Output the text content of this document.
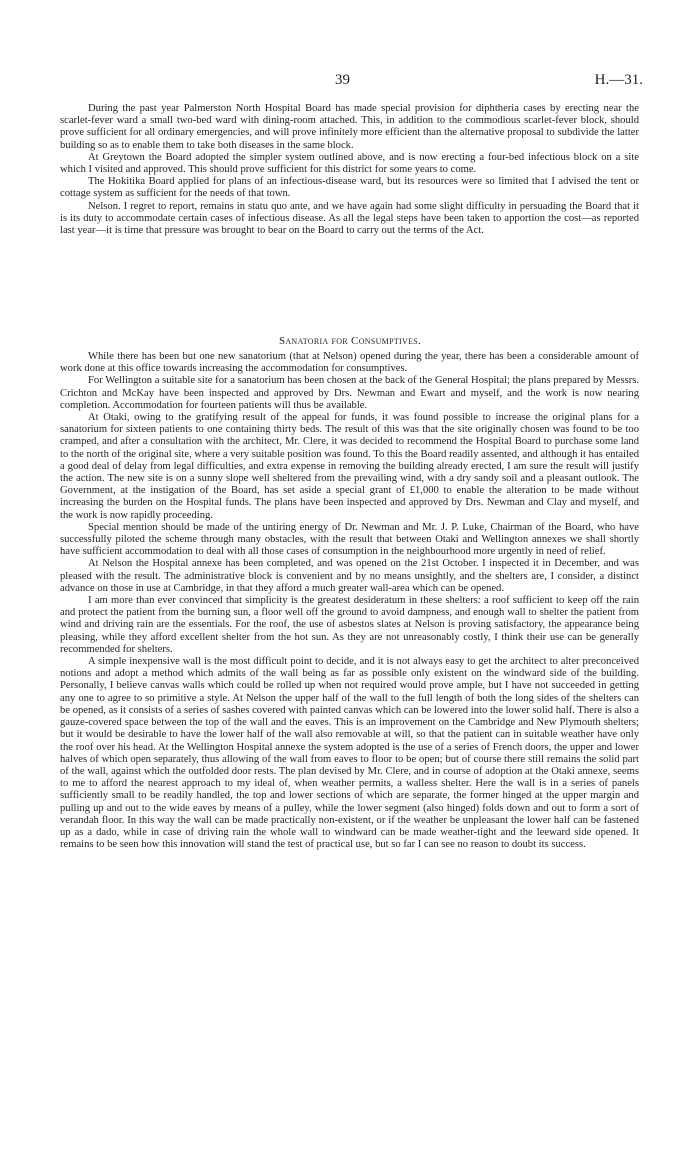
39	H.—31.

During the past year Palmerston North Hospital Board has made special provision for diphtheria cases by erecting near the scarlet-fever ward a small two-bed ward with dining-room attached. This, in addition to the commodious scarlet-fever block, should prove sufficient for all ordinary emergencies, and will prove infinitely more efficient than the alternative proposal to subdivide the latter building so as to enable them to take both diseases in the same block.

At Greytown the Board adopted the simpler system outlined above, and is now erecting a four-bed infectious block on a site which I visited and approved. This should prove sufficient for this district for some years to come.

The Hokitika Board applied for plans of an infectious-disease ward, but its resources were so limited that I advised the tent or cottage system as sufficient for the needs of that town.

Nelson. I regret to report, remains in statu quo ante, and we have again had some slight difficulty in persuading the Board that it is its duty to accommodate certain cases of infectious disease. As all the legal steps have been taken to apportion the cost—as reported last year—it is time that pressure was brought to bear on the Board to carry out the terms of the Act.

Sanatoria for Consumptives.

While there has been but one new sanatorium (that at Nelson) opened during the year, there has been a considerable amount of work done at this office towards increasing the accommodation for consumptives.

For Wellington a suitable site for a sanatorium has been chosen at the back of the General Hospital; the plans prepared by Messrs. Crichton and McKay have been inspected and approved by Drs. Newman and Ewart and myself, and the work is now nearing completion. Accommodation for fourteen patients will thus be available.

At Otaki, owing to the gratifying result of the appeal for funds, it was found possible to increase the original plans for a sanatorium for sixteen patients to one containing thirty beds. The result of this was that the site originally chosen was found to be too cramped, and after a consultation with the architect, Mr. Clere, it was decided to recommend the Hospital Board to purchase some land to the north of the original site, where a very suitable position was found. To this the Board readily assented, and although it has entailed a good deal of delay from legal difficulties, and extra expense in removing the building already erected, I am sure the result will justify the action. The new site is on a sunny slope well sheltered from the prevailing wind, with a dry sandy soil and a pleasant outlook. The Government, at the instigation of the Board, has set aside a special grant of £1,000 to enable the alteration to be made without increasing the burden on the Hospital funds. The plans have been inspected and approved by Drs. Newman and Clay and myself, and the work is now rapidly proceeding.

Special mention should be made of the untiring energy of Dr. Newman and Mr. J. P. Luke, Chairman of the Board, who have successfully piloted the scheme through many obstacles, with the result that between Otaki and Wellington annexes we shall shortly have sufficient accommodation to deal with all those cases of consumption in the neighbourhood more urgently in need of relief.

At Nelson the Hospital annexe has been completed, and was opened on the 21st October. I inspected it in December, and was pleased with the result. The administrative block is convenient and by no means unsightly, and the shelters are, I consider, a distinct advance on those in use at Cambridge, in that they afford a much greater wall-area which can be opened.

I am more than ever convinced that simplicity is the greatest desideratum in these shelters: a roof sufficient to keep off the rain and protect the patient from the burning sun, a floor well off the ground to avoid dampness, and enough wall to shelter the patient from wind and driving rain are the essentials. For the roof, the use of asbestos slates at Nelson is proving satisfactory, the appearance being pleasing, while they afford excellent shelter from the hot sun. As they are not unreasonably costly, I think their use can be generally recommended for shelters.

A simple inexpensive wall is the most difficult point to decide, and it is not always easy to get the architect to alter preconceived notions and adopt a method which admits of the wall being as far as possible only existent on the windward side of the building. Personally, I believe canvas walls which could be rolled up when not required would prove ample, but I have not succeeded in getting any one to agree to so primitive a style. At Nelson the upper half of the wall to the full length of both the long sides of the shelters can be opened, as it consists of a series of sashes covered with painted canvas which can be lowered into the lower solid half. There is also a gauze-covered space between the top of the wall and the eaves. This is an improvement on the Cambridge and New Plymouth shelters; but it would be desirable to have the lower half of the wall also removable at will, so that the patient can in suitable weather have only the roof over his head. At the Wellington Hospital annexe the system adopted is the use of a series of French doors, the upper and lower halves of which open separately, thus allowing of the wall from eaves to floor to be open; but of course there still remains the solid part of the wall, against which the outfolded door rests. The plan devised by Mr. Clere, and in course of adoption at the Otaki annexe, seems to me to afford the nearest approach to my ideal of, when weather permits, a walless shelter. Here the wall is in a series of panels sufficiently small to be readily handled, the top and lower sections of which are separate, the former hinged at the upper margin and pulling up and out to the wide eaves by means of a pulley, while the lower segment (also hinged) folds down and out to form a sort of verandah floor. In this way the wall can be made practically non-existent, or if the weather be unpleasant the lower half can be fastened up as a dado, while in case of driving rain the whole wall to windward can be made weather-tight and the leeward side opened. It remains to be seen how this innovation will stand the test of practical use, but so far I can see no reason to doubt its success.
